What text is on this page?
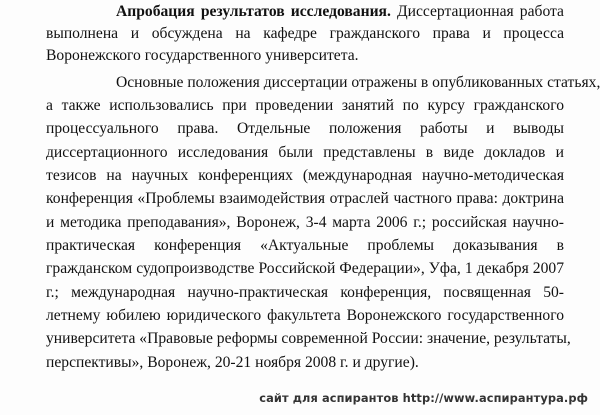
Апробация результатов исследования. Диссертационная работа
выполнена и обсуждена на кафедре гражданского права и процесса
Воронежского государственного университета.
Основные положения диссертации отражены в опубликованных статьях,
а также использовались при проведении занятий по курсу гражданского
процессуального права. Отдельные положения работы и выводы
диссертационного исследования были представлены в виде докладов и
тезисов на научных конференциях (международная научно-методическая
конференция «Проблемы взаимодействия отраслей частного права: доктрина
и методика преподавания», Воронеж, 3-4 марта 2006 г.; российская научно-
практическая конференция «Актуальные проблемы доказывания в
гражданском судопроизводстве Российской Федерации», Уфа, 1 декабря 2007
г.; международная научно-практическая конференция, посвященная 50-
летнему юбилею юридического факультета Воронежского государственного
университета «Правовые реформы современной России: значение, результаты,
перспективы», Воронеж, 20-21 ноября 2008 г. и другие).
сайт для аспирантов http://www.аспирантура.рф
